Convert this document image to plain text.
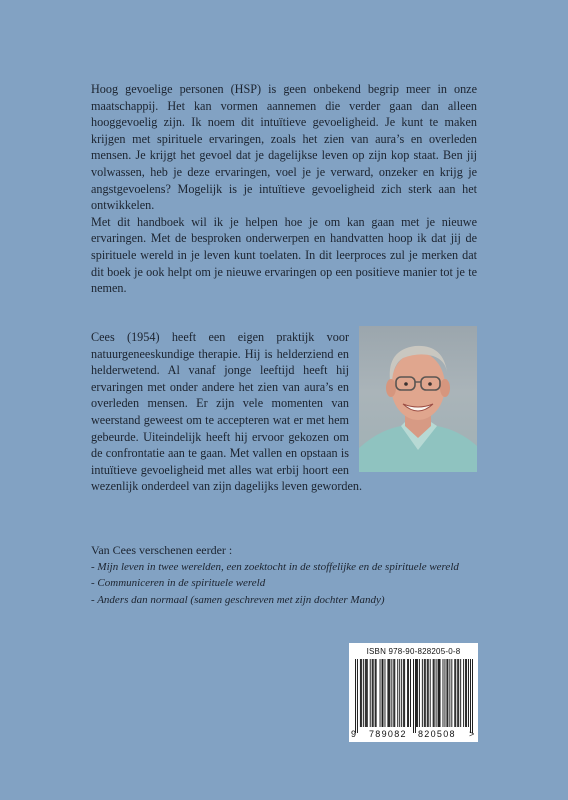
Hoog gevoelige personen (HSP) is geen onbekend begrip meer in onze maatschappij. Het kan vormen aannemen die verder gaan dan alleen hooggevoelig zijn. Ik noem dit intuïtieve gevoeligheid. Je kunt te maken krijgen met spirituele ervaringen, zoals het zien van aura’s en overleden mensen. Je krijgt het gevoel dat je dagelijkse leven op zijn kop staat. Ben jij volwassen, heb je deze ervaringen, voel je je verward, onzeker en krijg je angstgevoelens? Mogelijk is je intuïtieve gevoeligheid zich sterk aan het ontwikkelen.

Met dit handboek wil ik je helpen hoe je om kan gaan met je nieuwe ervaringen. Met de besproken onderwerpen en handvatten hoop ik dat jij de spirituele wereld in je leven kunt toelaten. In dit leerproces zul je merken dat dit boek je ook helpt om je nieuwe ervaringen op een positieve manier tot je te nemen.

Cees (1954) heeft een eigen praktijk voor natuurgeneeskundige therapie. Hij is helderziend en helderwetend. Al vanaf jonge leeftijd heeft hij ervaringen met onder andere het zien van aura’s en overleden mensen. Er zijn vele momenten van weerstand geweest om te accepteren wat er met hem gebeurde. Uiteindelijk heeft hij ervoor gekozen om de confrontatie aan te gaan. Met vallen en opstaan is intuïtieve gevoeligheid met alles wat erbij hoort een wezenlijk onderdeel van zijn dagelijks leven geworden.

Van Cees verschenen eerder :
- Mijn leven in twee werelden, een zoektocht in de stoffelijke en de spirituele wereld
- Communiceren in de spirituele wereld
- Anders dan normaal (samen geschreven met zijn dochter Mandy)
ISBN 978-90-828205-0-8
9 789082 820508 >
